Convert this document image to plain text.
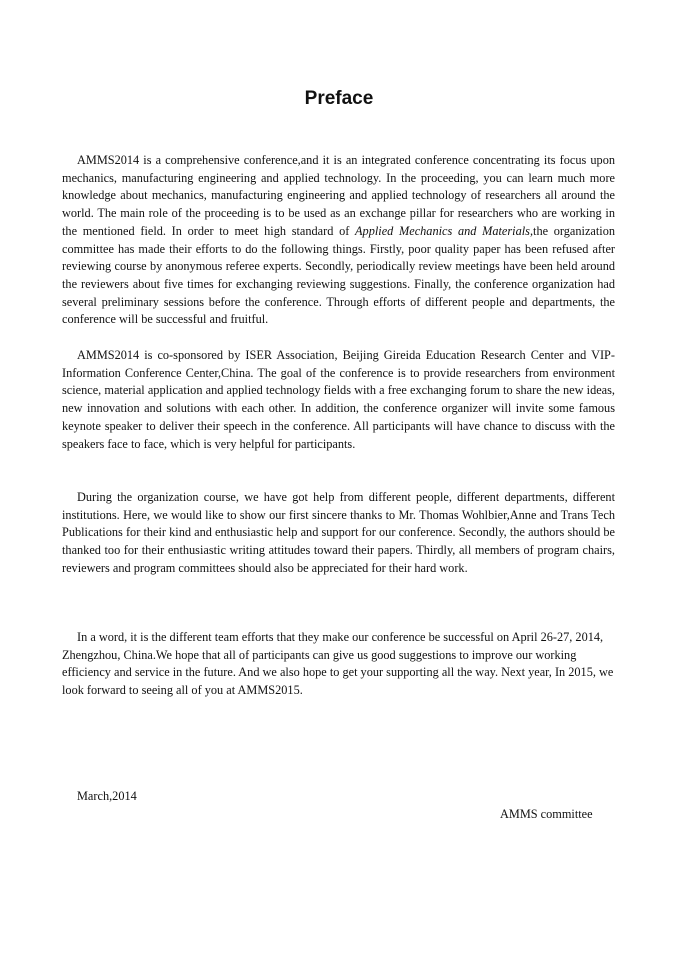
Preface

AMMS2014 is a comprehensive conference,and it is an integrated conference concentrating its focus upon mechanics, manufacturing engineering and applied technology. In the proceeding, you can learn much more knowledge about mechanics, manufacturing engineering and applied technology of researchers all around the world. The main role of the proceeding is to be used as an exchange pillar for researchers who are working in the mentioned field. In order to meet high standard of Applied Mechanics and Materials,the organization committee has made their efforts to do the following things. Firstly, poor quality paper has been refused after reviewing course by anonymous referee experts. Secondly, periodically review meetings have been held around the reviewers about five times for exchanging reviewing suggestions. Finally, the conference organization had several preliminary sessions before the conference. Through efforts of different people and departments, the conference will be successful and fruitful.

AMMS2014 is co-sponsored by ISER Association, Beijing Gireida Education Research Center and VIP-Information Conference Center,China. The goal of the conference is to provide researchers from environment science, material application and applied technology fields with a free exchanging forum to share the new ideas, new innovation and solutions with each other. In addition, the conference organizer will invite some famous keynote speaker to deliver their speech in the conference. All participants will have chance to discuss with the speakers face to face, which is very helpful for participants.

During the organization course, we have got help from different people, different departments, different institutions. Here, we would like to show our first sincere thanks to Mr. Thomas Wohlbier,Anne and Trans Tech Publications for their kind and enthusiastic help and support for our conference. Secondly, the authors should be thanked too for their enthusiastic writing attitudes toward their papers. Thirdly, all members of program chairs, reviewers and program committees should also be appreciated for their hard work.

In a word, it is the different team efforts that they make our conference be successful on April 26-27, 2014, Zhengzhou, China.We hope that all of participants can give us good suggestions to improve our working efficiency and service in the future. And we also hope to get your supporting all the way. Next year, In 2015, we look forward to seeing all of you at AMMS2015.

March,2014

AMMS committee
